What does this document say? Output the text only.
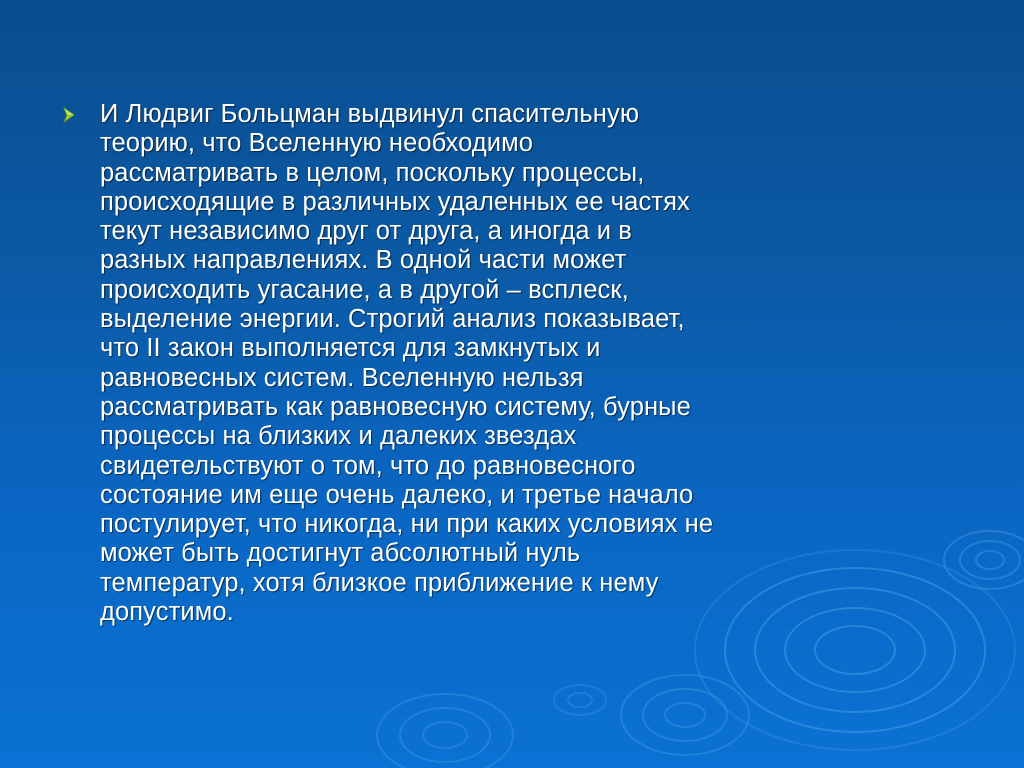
И Людвиг Больцман выдвинул спасительную
теорию, что Вселенную необходимо
рассматривать в целом, поскольку процессы,
происходящие в различных удаленных ее частях
текут независимо друг от друга, а иногда и в
разных направлениях. В одной части может
происходить угасание, а в другой – всплеск,
выделение энергии. Строгий анализ показывает,
что II закон выполняется для замкнутых и
равновесных систем. Вселенную нельзя
рассматривать как равновесную систему, бурные
процессы на близких и далеких звездах
свидетельствуют о том, что до равновесного
состояние им еще очень далеко, и третье начало
постулирует, что никогда, ни при каких условиях не
может быть достигнут абсолютный нуль
температур, хотя близкое приближение к нему
допустимо.
